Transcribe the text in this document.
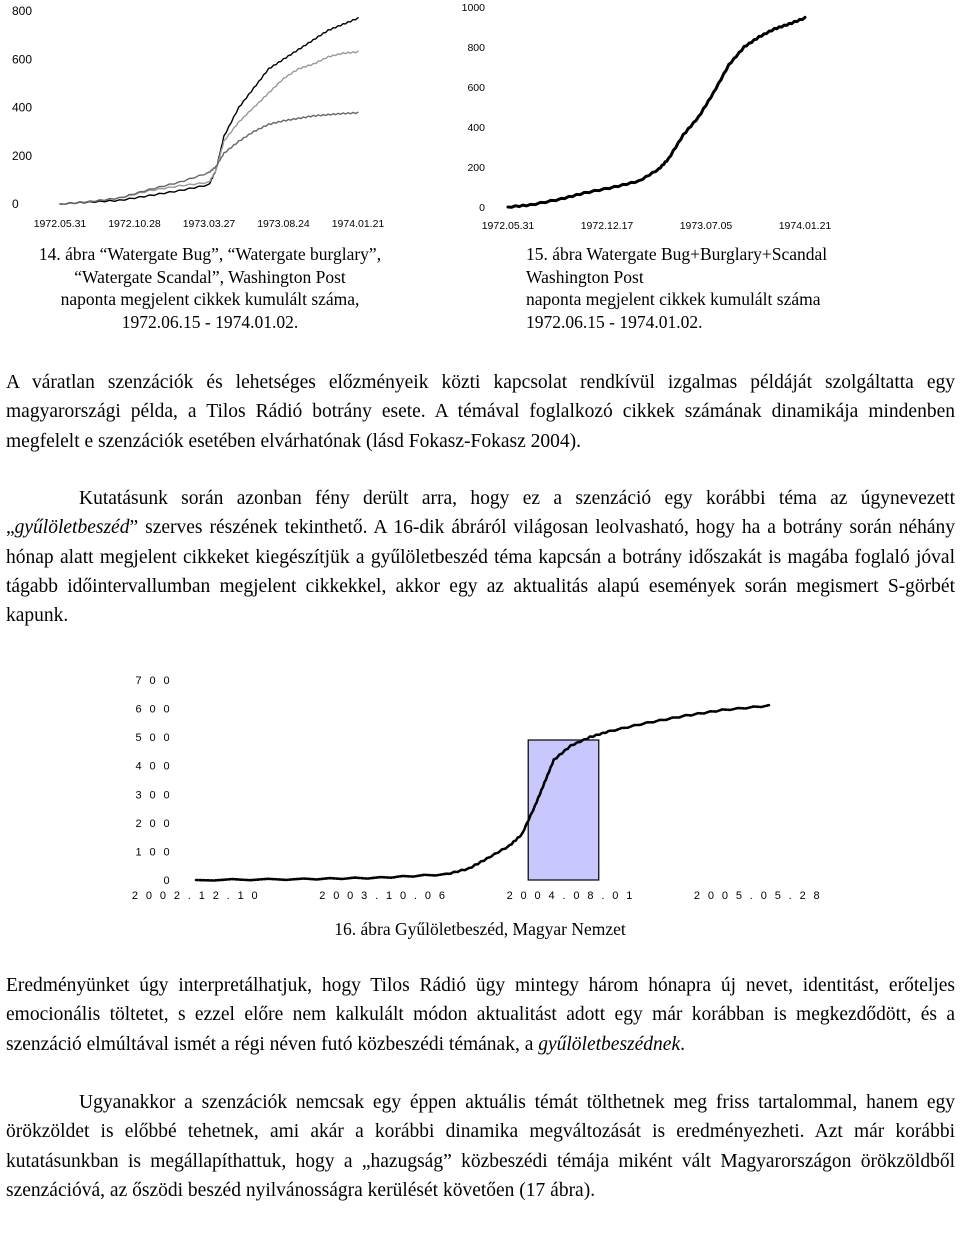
0
200
400
600
800
1972.05.31 1972.10.28 1973.03.27 1973.08.24 1974.01.21
0
200
400
600
800
1000
1972.05.31	1972.12.17	1973.07.05	1974.01.21
0
1 0 0
2 0 0
3 0 0
4 0 0
5 0 0
6 0 0
7 0 0
2 0 0 2 . 1 2 . 1 0	2 0 0 3 . 1 0 . 0 6	2 0 0 4 . 0 8 . 0 1	2 0 0 5 . 0 5 . 2 8
14. ábra “Watergate Bug”, “Watergate burglary”,
“Watergate Scandal”, Washington Post
naponta megjelent cikkek kumulált száma,
1972.06.15 - 1974.01.02.
15. ábra Watergate Bug+Burglary+Scandal
Washington Post
naponta megjelent cikkek kumulált száma
1972.06.15 - 1974.01.02.

A váratlan szenzációk és lehetséges előzményeik közti kapcsolat rendkívül izgalmas példáját szolgáltatta egy magyarországi példa, a Tilos Rádió botrány esete. A témával foglalkozó cikkek számának dinamikája mindenben megfelelt e szenzációk esetében elvárhatónak (lásd Fokasz-Fokasz 2004).

Kutatásunk során azonban fény derült arra, hogy ez a szenzáció egy korábbi téma az úgynevezett „gyűlöletbeszéd” szerves részének tekinthető. A 16-dik ábráról világosan leolvasható, hogy ha a botrány során néhány hónap alatt megjelent cikkeket kiegészítjük a gyűlöletbeszéd téma kapcsán a botrány időszakát is magába foglaló jóval tágabb időintervallumban megjelent cikkekkel, akkor egy az aktualitás alapú események során megismert S-görbét kapunk.

16. ábra Gyűlöletbeszéd, Magyar Nemzet

Eredményünket úgy interpretálhatjuk, hogy Tilos Rádió ügy mintegy három hónapra új nevet, identitást, erőteljes emocionális töltetet, s ezzel előre nem kalkulált módon aktualitást adott egy már korábban is megkezdődött, és a szenzáció elmúltával ismét a régi néven futó közbeszédi témának, a gyűlöletbeszédnek.

Ugyanakkor a szenzációk nemcsak egy éppen aktuális témát tölthetnek meg friss tartalommal, hanem egy örökzöldet is előbbé tehetnek, ami akár a korábbi dinamika megváltozását is eredményezheti. Azt már korábbi kutatásunkban is megállapíthattuk, hogy a „hazugság” közbeszédi témája miként vált Magyarországon örökzöldből szenzációvá, az őszödi beszéd nyilvánosságra kerülését követően (17 ábra).
